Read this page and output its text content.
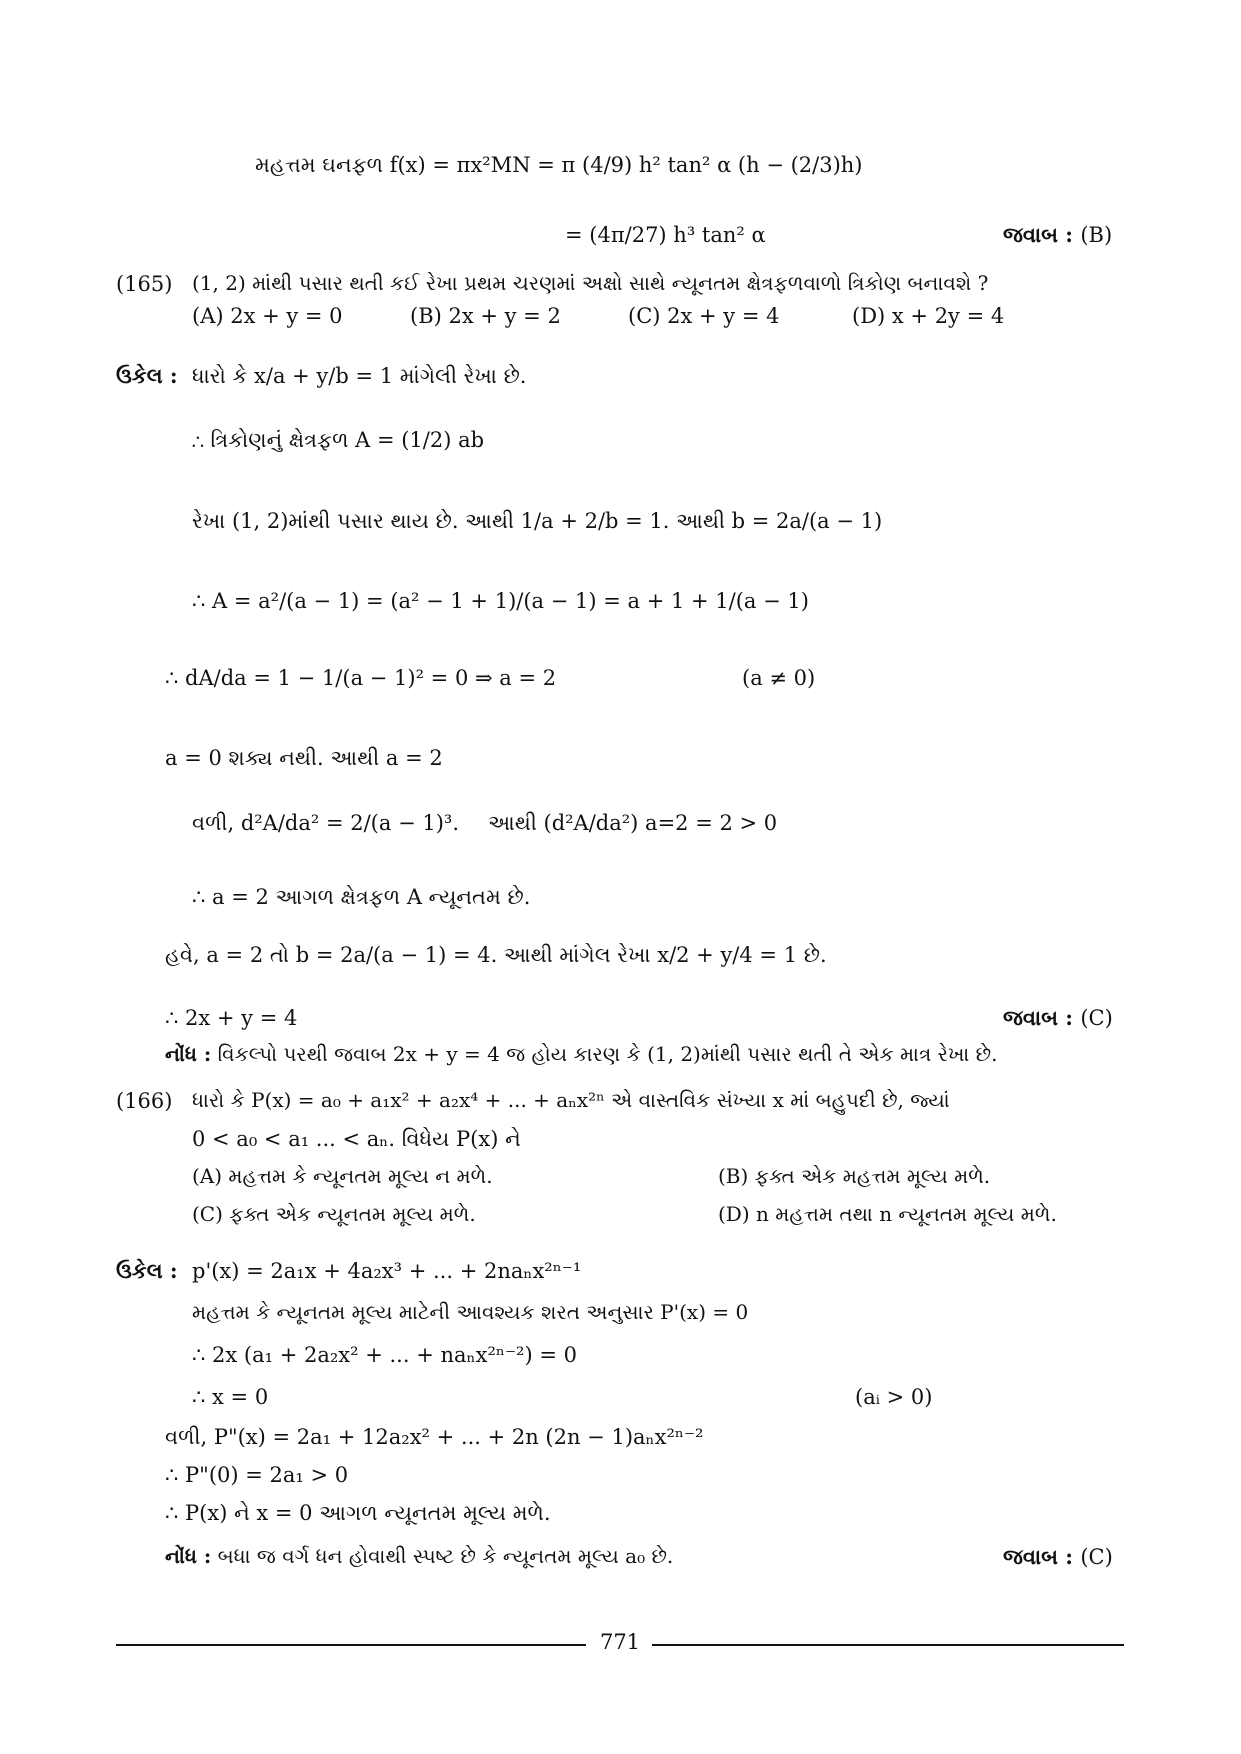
મહત્તમ ઘનફળ f(x) = πx²MN = π (4/9) h² tan² α (h − (2/3)h)
= (4π/27) h³ tan² α	જવાબ : (B)
(165) (1, 2) માંથી પસાર થતી કઈ રેખા પ્રથમ ચરણમાં અક્ષો સાથે ન્યૂનતમ ક્ષેત્રફળવાળો ત્રિકોણ બનાવશે ?
(A) 2x + y = 0	(B) 2x + y = 2	(C) 2x + y = 4	(D) x + 2y = 4
ઉકેલ : ધારો કે x/a + y/b = 1 માંગેલી રેખા છે.
∴ ત્રિકોણનું ક્ષેત્રફળ A = (1/2) ab
રેખા (1, 2)માંથી પસાર થાય છે. આથી 1/a + 2/b = 1. આથી b = 2a/(a − 1)
∴ A = a²/(a − 1) = (a² − 1 + 1)/(a − 1) = a + 1 + 1/(a − 1)
∴ dA/da = 1 − 1/(a − 1)² = 0 ⇒ a = 2	(a ≠ 0)
a = 0 શક્ય નથી. આથી a = 2
વળી, d²A/da² = 2/(a − 1)³. આથી (d²A/da²) a=2 = 2 > 0
∴ a = 2 આગળ ક્ષેત્રફળ A ન્યૂનતમ છે.
હવે, a = 2 તો b = 2a/(a − 1) = 4. આથી માંગેલ રેખા x/2 + y/4 = 1 છે.
∴ 2x + y = 4	જવાબ : (C)
નોંધ : વિકલ્પો પરથી જવાબ 2x + y = 4 જ હોય કારણ કે (1, 2)માંથી પસાર થતી તે એક માત્ર રેખા છે.
(166) ધારો કે P(x) = a₀ + a₁x² + a₂x⁴ + ... + aₙx²ⁿ એ વાસ્તવિક સંખ્યા x માં બહુપદી છે, જ્યાં
0 < a₀ < a₁ ... < aₙ. વિધેય P(x) ને
(A) મહત્તમ કે ન્યૂનતમ મૂલ્ય ન મળે.	(B) ફક્ત એક મહત્તમ મૂલ્ય મળે.
(C) ફક્ત એક ન્યૂનતમ મૂલ્ય મળે.	(D) n મહત્તમ તથા n ન્યૂનતમ મૂલ્ય મળે.
ઉકેલ : p'(x) = 2a₁x + 4a₂x³ + ... + 2naₙx²ⁿ⁻¹
મહત્તમ કે ન્યૂનતમ મૂલ્ય માટેની આવશ્યક શરત અનુસાર P'(x) = 0
∴ 2x (a₁ + 2a₂x² + ... + naₙx²ⁿ⁻²) = 0
∴ x = 0	(aᵢ > 0)
વળી, P"(x) = 2a₁ + 12a₂x² + ... + 2n (2n − 1)aₙx²ⁿ⁻²
∴ P"(0) = 2a₁ > 0
∴ P(x) ને x = 0 આગળ ન્યૂનતમ મૂલ્ય મળે.
નોંધ : બધા જ વર્ગ ધન હોવાથી સ્પષ્ટ છે કે ન્યૂનતમ મૂલ્ય a₀ છે.	જવાબ : (C)
771
